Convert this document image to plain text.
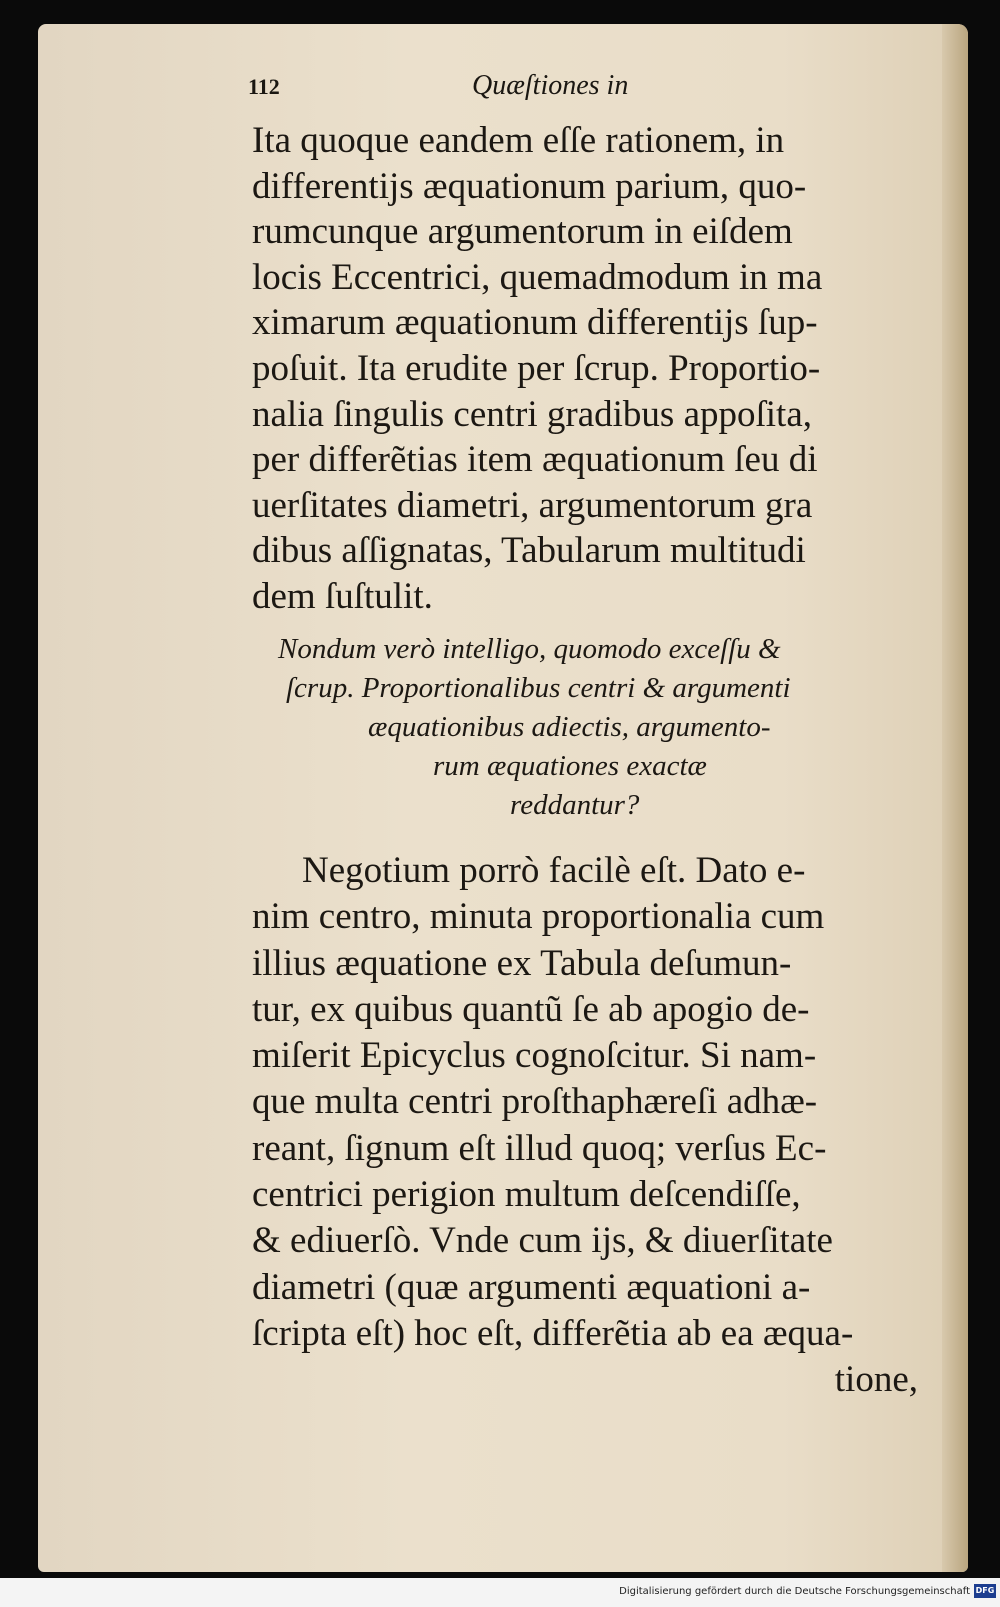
112	Quæſtiones in
Ita quoque eandem eſſe rationem, in
differentijs æquationum parium, quo-
rumcunque argumentorum in eiſdem
locis Eccentrici, quemadmodum in ma
ximarum æquationum differentijs ſup-
poſuit. Ita erudite per ſcrup. Proportio-
nalia ſingulis centri gradibus appoſita,
per differẽtias item æquationum ſeu di
uerſitates diametri, argumentorum gra
dibus aſſignatas, Tabularum multitudi
dem ſuſtulit.
Nondum verò intelligo, quomodo exceſſu &
ſcrup. Proportionalibus centri & argumenti
æquationibus adiectis, argumento-
rum æquationes exactæ
reddantur?
Negotium porrò facilè eſt. Dato e-
nim centro, minuta proportionalia cum
illius æquatione ex Tabula deſumun-
tur, ex quibus quantũ ſe ab apogio de-
miſerit Epicyclus cognoſcitur. Si nam-
que multa centri proſthaphæreſi adhæ-
reant, ſignum eſt illud quoq; verſus Ec-
centrici perigion multum deſcendiſſe,
& ediuerſò. Vnde cum ijs, & diuerſitate
diametri (quæ argumenti æquationi a-
ſcripta eſt) hoc eſt, differẽtia ab ea æqua-
tione,
Digitalisierung gefördert durch die Deutsche Forschungsgemeinschaft DFG
